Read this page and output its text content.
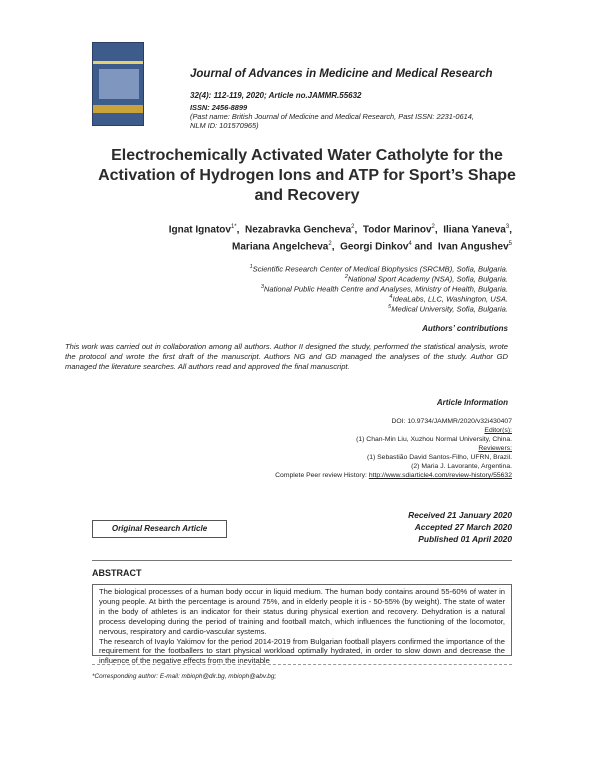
Journal of Advances in Medicine and Medical Research
32(4): 112-119, 2020; Article no.JAMMR.55632
ISSN: 2456-8899
(Past name: British Journal of Medicine and Medical Research, Past ISSN: 2231-0614,
NLM ID: 101570965)
Electrochemically Activated Water Catholyte for the Activation of Hydrogen Ions and ATP for Sport’s Shape and Recovery
Ignat Ignatov$^{1*}$,  Nezabravka Gencheva$^2$,  Todor Marinov$^2$,  Iliana Yaneva$^3$,
Mariana Angelcheva$^2$,  Georgi Dinkov$^4$ and  Ivan Angushev$^5$
$^1$Scientific Research Center of Medical Biophysics (SRCMB), Sofia, Bulgaria.
$^2$National Sport Academy (NSA), Sofia, Bulgaria.
$^3$National Public Health Centre and Analyses, Ministry of Health, Bulgaria.
$^4$IdeaLabs, LLC, Washington, USA.
$^5$Medical University, Sofia, Bulgaria.
Authors’ contributions
This work was carried out in collaboration among all authors. Author II designed the study, performed the statistical analysis, wrote the protocol and wrote the first draft of the manuscript. Authors NG and GD managed the analyses of the study. Author GD managed the literature searches. All authors read and approved the final manuscript.
Article Information
DOI: 10.9734/JAMMR/2020/v32i430407
Editor(s):
(1) Chan-Min Liu, Xuzhou Normal University, China.
Reviewers:
(1) Sebastião David Santos-Filho, UFRN, Brazil.
(2) Maria J. Lavorante, Argentina.
Complete Peer review History: http://www.sdiarticle4.com/review-history/55632
Original Research Article
Received 21 January 2020
Accepted 27 March 2020
Published 01 April 2020
ABSTRACT

The biological processes of a human body occur in liquid medium. The human body contains around 55-60% of water in young people. At birth the percentage is around 75%, and in elderly people it is - 50-55% (by weight). The state of water in the body of athletes is an indicator for their status during physical exertion and recovery. Dehydration is a natural process developing during the period of training and football match, which influences the functioning of the locomotor, nervous, respiratory and cardio-vascular systems.

The research of Ivaylo Yakimov for the period 2014-2019 from Bulgarian football players confirmed the importance of the requirement for the footballers to start physical workload optimally hydrated, in order to slow down and decrease the influence of the negative effects from the inevitable

*Corresponding author: E-mail: mbioph@dir.bg, mbioph@abv.bg;
